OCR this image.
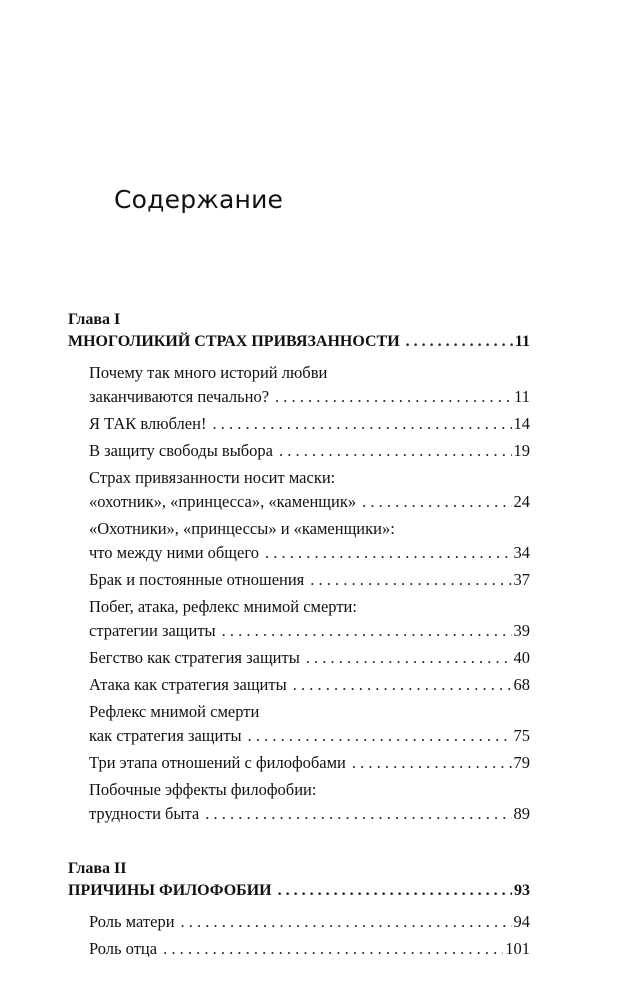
Содержание
Глава I
МНОГОЛИКИЙ СТРАХ ПРИВЯЗАННОСТИ . . .	11
Почему так много историй любви
заканчиваются печально? . . .	11
Я ТАК влюблен! . . .	14
В защиту свободы выбора . . .	19
Страх привязанности носит маски:
«охотник», «принцесса», «каменщик» . . .	24
«Охотники», «принцессы» и «каменщики»:
что между ними общего . . .	34
Брак и постоянные отношения . . .	37
Побег, атака, рефлекс мнимой смерти:
стратегии защиты . . .	39
Бегство как стратегия защиты . . .	40
Атака как стратегия защиты . . .	68
Рефлекс мнимой смерти
как стратегия защиты . . .	75
Три этапа отношений с филофобами . . .	79
Побочные эффекты филофобии:
трудности быта . . .	89
Глава II
ПРИЧИНЫ ФИЛОФОБИИ . . .	93
Роль матери . . .	94
Роль отца . . .	101
